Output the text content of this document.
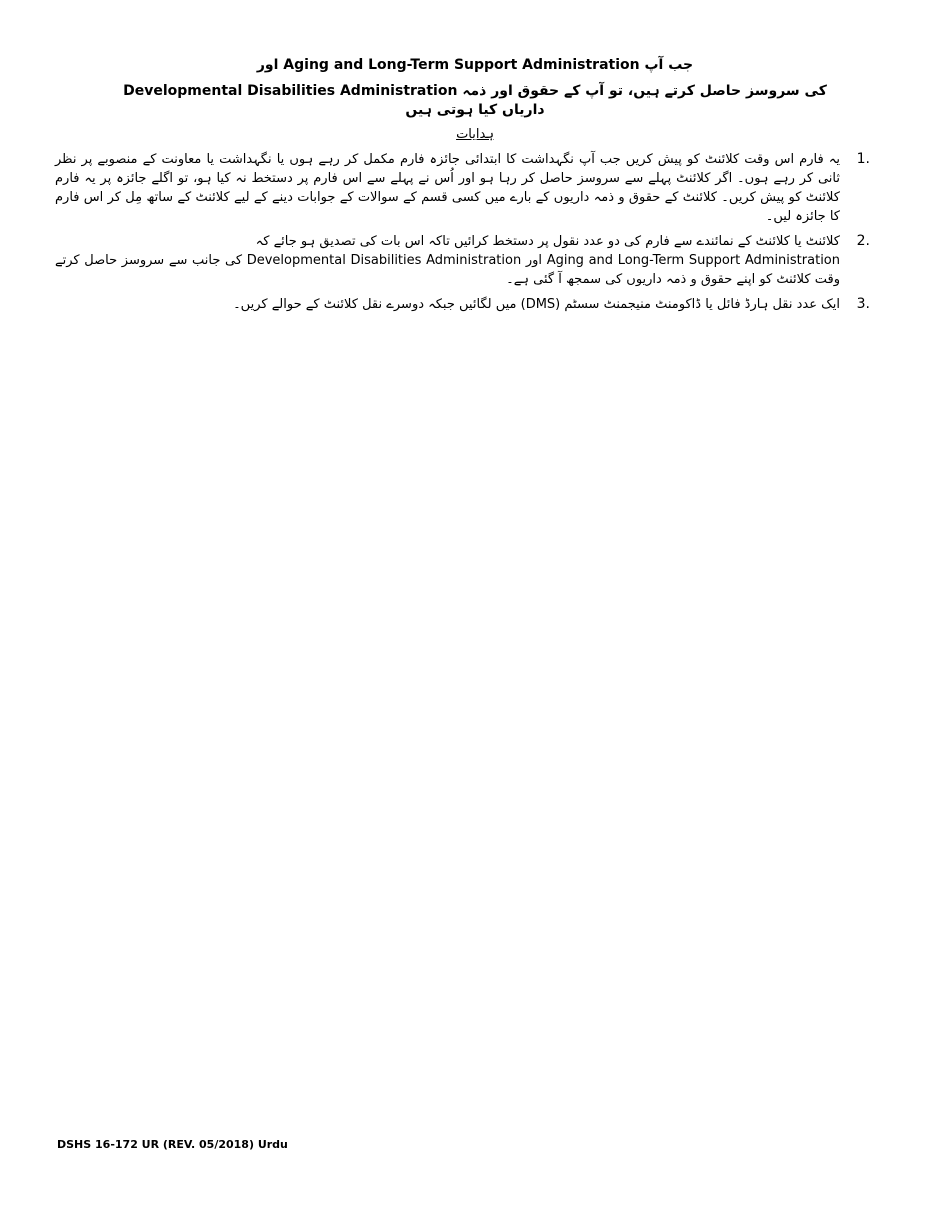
جب آپ Aging and Long-Term Support Administration اور
Developmental Disabilities Administration کی سروسز حاصل کرتے ہیں، تو آپ کے حقوق اور ذمہ
داریاں کیا ہوتی ہیں
ہدایات
1.

یہ فارم اس وقت کلائنٹ کو پیش کریں جب آپ نگہداشت کا ابتدائی جائزہ فارم مکمل کر رہے ہوں یا نگہداشت یا معاونت کے منصوبے پر نظر ثانی کر رہے ہوں۔ اگر کلائنٹ پہلے سے سروسز حاصل کر رہا ہو اور اُس نے پہلے سے اس فارم پر دستخط نہ کیا ہو، تو اگلے جائزہ پر یہ فارم کلائنٹ کو پیش کریں۔ کلائنٹ کے حقوق و ذمہ داریوں کے بارے میں کسی قسم کے سوالات کے جوابات دینے کے لیے کلائنٹ کے ساتھ مِل کر اس فارم کا جائزہ لیں۔

2.

کلائنٹ یا کلائنٹ کے نمائندے سے فارم کی دو عدد نقول پر دستخط کرائیں تاکہ اس بات کی تصدیق ہو جائے کہ

Aging and Long-Term Support Administration اور Developmental Disabilities Administration کی جانب سے سروسز حاصل کرتے وقت کلائنٹ کو اپنے حقوق و ذمہ داریوں کی سمجھ آ گئی ہے۔

3.

ایک عدد نقل ہارڈ فائل یا ڈاکومنٹ منیجمنٹ سسٹم (DMS) میں لگائیں جبکہ دوسرے نقل کلائنٹ کے حوالے کریں۔

DSHS 16-172 UR (REV. 05/2018) Urdu
